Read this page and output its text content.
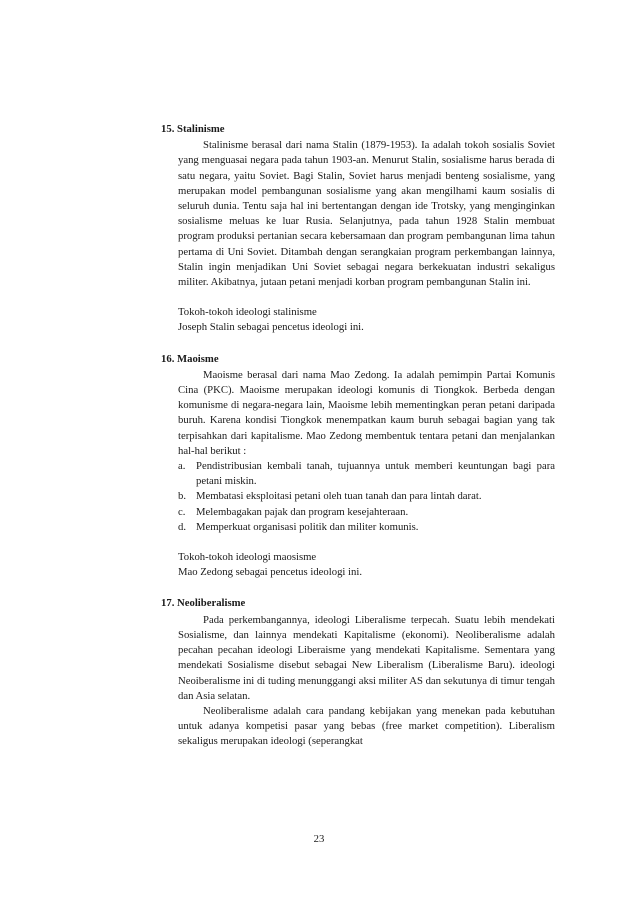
15. Stalinisme

Stalinisme berasal dari nama Stalin (1879-1953). Ia adalah tokoh sosialis Soviet yang menguasai negara pada tahun 1903-an. Menurut Stalin, sosialisme harus berada di satu negara, yaitu Soviet. Bagi Stalin, Soviet harus menjadi benteng sosialisme, yang merupakan model pembangunan sosialisme yang akan mengilhami kaum sosialis di seluruh dunia. Tentu saja hal ini bertentangan dengan ide Trotsky, yang menginginkan sosialisme meluas ke luar Rusia. Selanjutnya, pada tahun 1928 Stalin membuat program produksi pertanian secara kebersamaan dan program pembangunan lima tahun pertama di Uni Soviet. Ditambah dengan serangkaian program perkembangan lainnya, Stalin ingin menjadikan Uni Soviet sebagai negara berkekuatan industri sekaligus militer. Akibatnya, jutaan petani menjadi korban program pembangunan Stalin ini.

Tokoh-tokoh ideologi stalinisme
Joseph Stalin sebagai pencetus ideologi ini.
16. Maoisme

Maoisme berasal dari nama Mao Zedong. Ia adalah pemimpin Partai Komunis Cina (PKC). Maoisme merupakan ideologi komunis di Tiongkok. Berbeda dengan komunisme di negara-negara lain, Maoisme lebih mementingkan peran petani daripada buruh. Karena kondisi Tiongkok menempatkan kaum buruh sebagai bagian yang tak terpisahkan dari kapitalisme. Mao Zedong membentuk tentara petani dan menjalankan hal-hal berikut :

a. Pendistribusian kembali tanah, tujuannya untuk memberi keuntungan bagi para petani miskin.
b. Membatasi eksploitasi petani oleh tuan tanah dan para lintah darat.
c. Melembagakan pajak dan program kesejahteraan.
d. Memperkuat organisasi politik dan militer komunis.
Tokoh-tokoh ideologi maosisme
Mao Zedong sebagai pencetus ideologi ini.
17. Neoliberalisme

Pada perkembangannya, ideologi Liberalisme terpecah. Suatu lebih mendekati Sosialisme, dan lainnya mendekati Kapitalisme (ekonomi). Neoliberalisme adalah pecahan pecahan ideologi Liberaisme yang mendekati Kapitalisme. Sementara yang mendekati Sosialisme disebut sebagai New Liberalism (Liberalisme Baru). ideologi Neoiberalisme ini di tuding menunggangi aksi militer AS dan sekutunya di timur tengah dan Asia selatan.

Neoliberalisme adalah cara pandang kebijakan yang menekan pada kebutuhan untuk adanya kompetisi pasar yang bebas (free market competition). Liberalism sekaligus merupakan ideologi (seperangkat

23
